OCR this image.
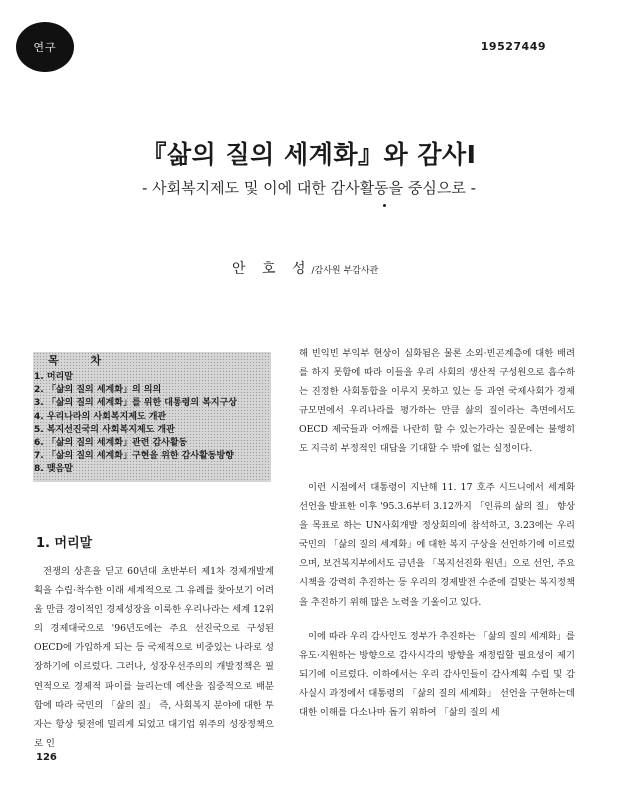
연구	19527449
『삶의 질의 세계화』와 감사Ⅰ
- 사회복지제도 및 이에 대한 감사활동을 중심으로 -
안 호 성/감사원 부감사관
목 차
1. 머리말
2. 「삶의 질의 세계화」의 의의
3. 「삶의 질의 세계화」를 위한 대통령의 복지구상
4. 우리나라의 사회복지제도 개관
5. 복지선진국의 사회복지제도 개관
6. 「삶의 질의 세계화」관련 감사활동
7. 「삶의 질의 세계화」구현을 위한 감사활동방향
8. 맺음말
1. 머리말

전쟁의 상흔을 딛고 60년대 초반부터 제1차 경제개발계획을 수립·착수한 이래 세계적으로 그 유례를 찾아보기 어려울 만큼 경이적인 경제성장을 이룩한 우리나라는 세계 12위의 경제대국으로 '96년도에는 주요 선진국으로 구성된 OECD에 가입하게 되는 등 국제적으로 비중있는 나라로 성장하기에 이르렀다. 그러나, 성장우선주의의 개발정책은 필연적으로 경제적 파이를 늘리는데 예산을 집중적으로 배분함에 따라 국민의 「삶의 질」 즉, 사회복지 분야에 대한 투자는 항상 뒷전에 밀리게 되었고 대기업 위주의 성장정책으로 인

해 빈익빈 부익부 현상이 심화됨은 물론 소외·빈곤계층에 대한 배려를 하지 못함에 따라 이들을 우리 사회의 생산적 구성원으로 흡수하는 진정한 사회통합을 이루지 못하고 있는 등 과연 국제사회가 경제규모면에서 우리나라를 평가하는 만큼 삶의 질이라는 측면에서도 OECD 제국들과 어깨를 나란히 할 수 있는가라는 질문에는 불행히도 지극히 부정적인 대답을 기대할 수 밖에 없는 실정이다.

이런 시점에서 대통령이 지난해 11. 17 호주 시드니에서 세계화 선언을 발표한 이후 '95.3.6부터 3.12까지 「인류의 삶의 질」 향상을 목표로 하는 UN사회개발 정상회의에 참석하고, 3.23에는 우리 국민의 「삶의 질의 세계화」에 대한 복지 구상을 선언하기에 이르렀으며, 보건복지부에서도 금년을 「복지선진화 원년」으로 선언, 주요 시책을 강력히 추진하는 등 우리의 경제발전 수준에 걸맞는 복지정책을 추진하기 위해 많은 노력을 기울이고 있다.

이에 따라 우리 감사인도 정부가 추진하는 「삶의 질의 세계화」를 유도·지원하는 방향으로 감사시각의 방향을 재정립할 필요성이 제기되기에 이르렀다. 이하에서는 우리 감사인들이 감사계획 수립 및 감사실시 과정에서 대통령의 「삶의 질의 세계화」 선언을 구현하는데 대한 이해를 다소나마 돕기 위하여 「삶의 질의 세

126
